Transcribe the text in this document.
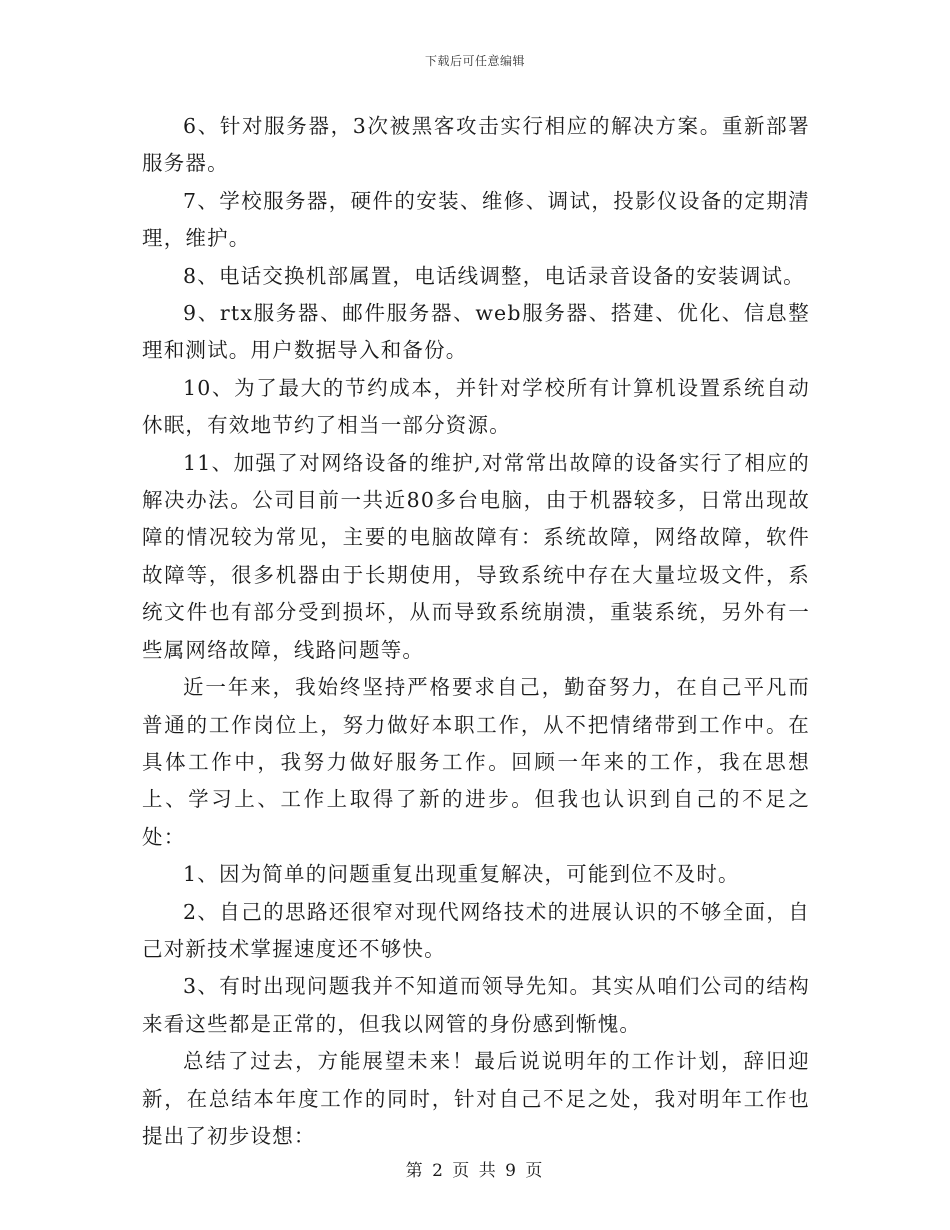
下载后可任意编辑

6、针对服务器，3次被黑客攻击实行相应的解决方案。重新部署服务器。

7、学校服务器，硬件的安装、维修、调试，投影仪设备的定期清理，维护。

8、电话交换机部属置，电话线调整，电话录音设备的安装调试。

9、rtx服务器、邮件服务器、web服务器、搭建、优化、信息整理和测试。用户数据导入和备份。

10、为了最大的节约成本，并针对学校所有计算机设置系统自动休眠，有效地节约了相当一部分资源。

11、加强了对网络设备的维护,对常常出故障的设备实行了相应的解决办法。公司目前一共近80多台电脑，由于机器较多，日常出现故障的情况较为常见，主要的电脑故障有：系统故障，网络故障，软件故障等，很多机器由于长期使用，导致系统中存在大量垃圾文件，系统文件也有部分受到损坏，从而导致系统崩溃，重装系统，另外有一些属网络故障，线路问题等。

近一年来，我始终坚持严格要求自己，勤奋努力，在自己平凡而普通的工作岗位上，努力做好本职工作，从不把情绪带到工作中。在具体工作中，我努力做好服务工作。回顾一年来的工作，我在思想上、学习上、工作上取得了新的进步。但我也认识到自己的不足之处：

1、因为简单的问题重复出现重复解决，可能到位不及时。

2、自己的思路还很窄对现代网络技术的进展认识的不够全面，自己对新技术掌握速度还不够快。

3、有时出现问题我并不知道而领导先知。其实从咱们公司的结构来看这些都是正常的，但我以网管的身份感到惭愧。

总结了过去，方能展望未来！最后说说明年的工作计划，辞旧迎新，在总结本年度工作的同时，针对自己不足之处，我对明年工作也提出了初步设想：

第 2 页 共 9 页
